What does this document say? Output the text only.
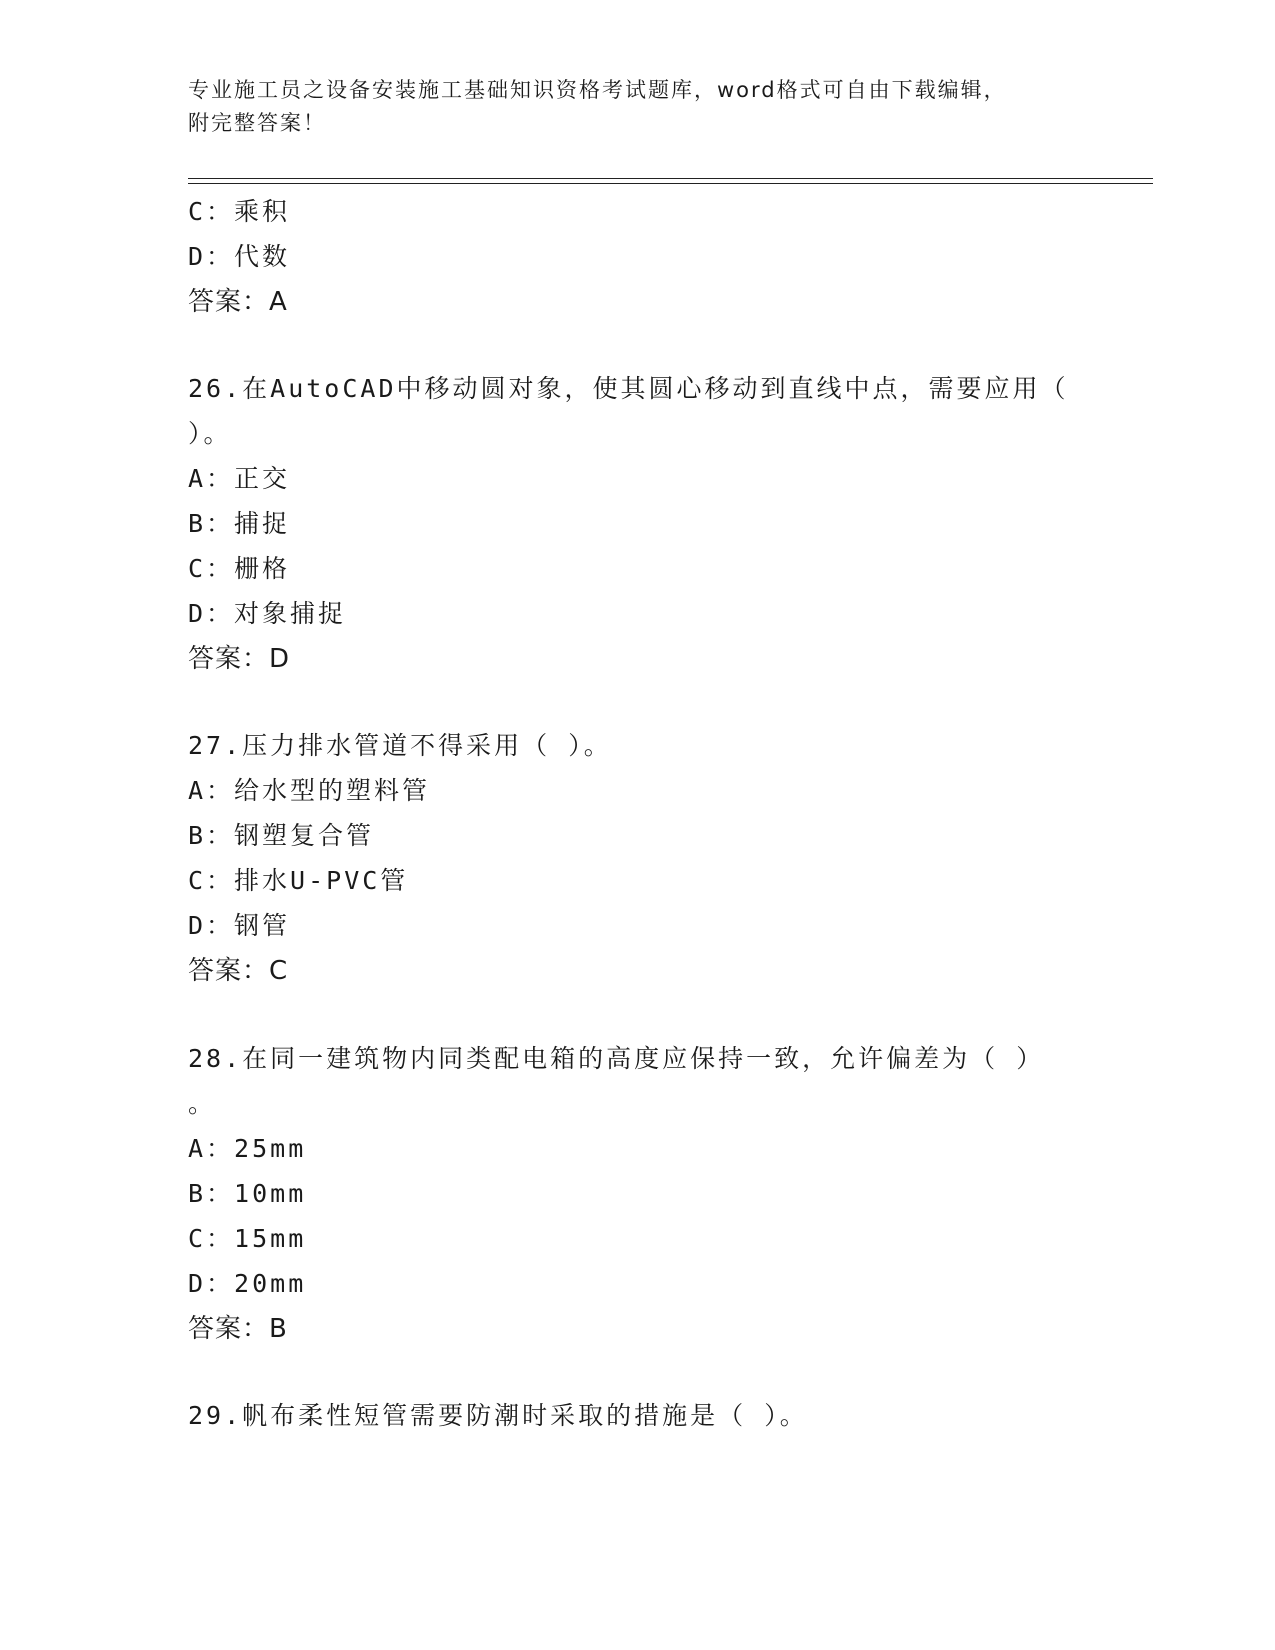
专业施工员之设备安装施工基础知识资格考试题库，word格式可自由下载编辑，
附完整答案！
C：乘积
D：代数
答案：A
26.在AutoCAD中移动圆对象，使其圆心移动到直线中点，需要应用（
）。
A：正交
B：捕捉
C：栅格
D：对象捕捉
答案：D
27.压力排水管道不得采用（ ）。
A：给水型的塑料管
B：钢塑复合管
C：排水U-PVC管
D：钢管
答案：C
28.在同一建筑物内同类配电箱的高度应保持一致，允许偏差为（ ）
。
A：25mm
B：10mm
C：15mm
D：20mm
答案：B
29.帆布柔性短管需要防潮时采取的措施是（ ）。
